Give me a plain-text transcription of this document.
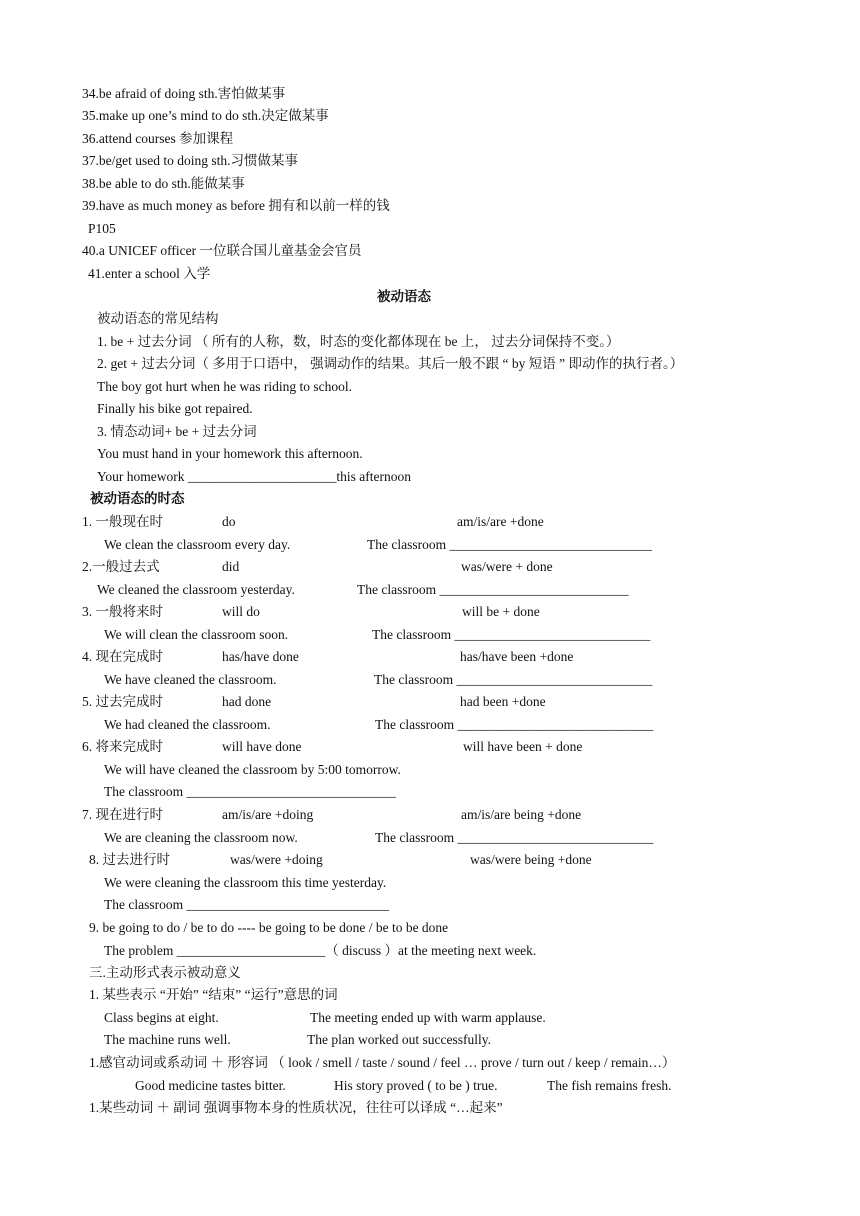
34.be afraid of doing sth.害怕做某事
35.make up one’s mind to do sth.决定做某事
36.attend courses 参加课程
37.be/get used to doing sth.习惯做某事
38.be able to do sth.能做某事
39.have as much money as before 拥有和以前一样的钱
P105
40.a UNICEF officer 一位联合国儿童基金会官员
41.enter a school 入学
被动语态
被动语态的常见结构
1. be + 过去分词 （ 所有的人称，数，时态的变化都体现在 be 上， 过去分词保持不变。）
2. get + 过去分词（ 多用于口语中， 强调动作的结果。其后一般不跟 “ by 短语 ” 即动作的执行者。）
The boy got hurt when he was riding to school.
Finally his bike got repaired.
3. 情态动词+ be + 过去分词
You must hand in your homework this afternoon.
Your homework ______________________this afternoon
被动语态的时态
1. 一般现在时	do	am/is/are +done
We clean the classroom every day.	The classroom ______________________________
2.一般过去式	did	was/were + done
We cleaned the classroom yesterday.	The classroom ____________________________
3. 一般将来时	will do	will be + done
We will clean the classroom soon.	The classroom _____________________________
4. 现在完成时	has/have done	has/have been +done
We have cleaned the classroom.	The classroom _____________________________
5. 过去完成时	had done	had been +done
We had cleaned the classroom.	The classroom _____________________________
6. 将来完成时	will have done	will have been + done
We will have cleaned the classroom by 5:00 tomorrow.
The classroom _______________________________
7. 现在进行时	am/is/are +doing	am/is/are being +done
We are cleaning the classroom now.	The classroom _____________________________
8. 过去进行时	was/were +doing	was/were being +done
We were cleaning the classroom this time yesterday.
The classroom ______________________________
9. be going to do / be to do ---- be going to be done / be to be done
The problem ______________________（ discuss ）at the meeting next week.
三.主动形式表示被动意义
1. 某些表示 “开始” “结束” “运行”意思的词
Class begins at eight.	The meeting ended up with warm applause.
The machine runs well.	The plan worked out successfully.
1.感官动词或系动词 ＋ 形容词 （ look / smell / taste / sound / feel … prove / turn out / keep / remain…）
Good medicine tastes bitter.	His story proved ( to be ) true.	The fish remains fresh.
1.某些动词 ＋ 副词 强调事物本身的性质状况，往往可以译成 “…起来”
